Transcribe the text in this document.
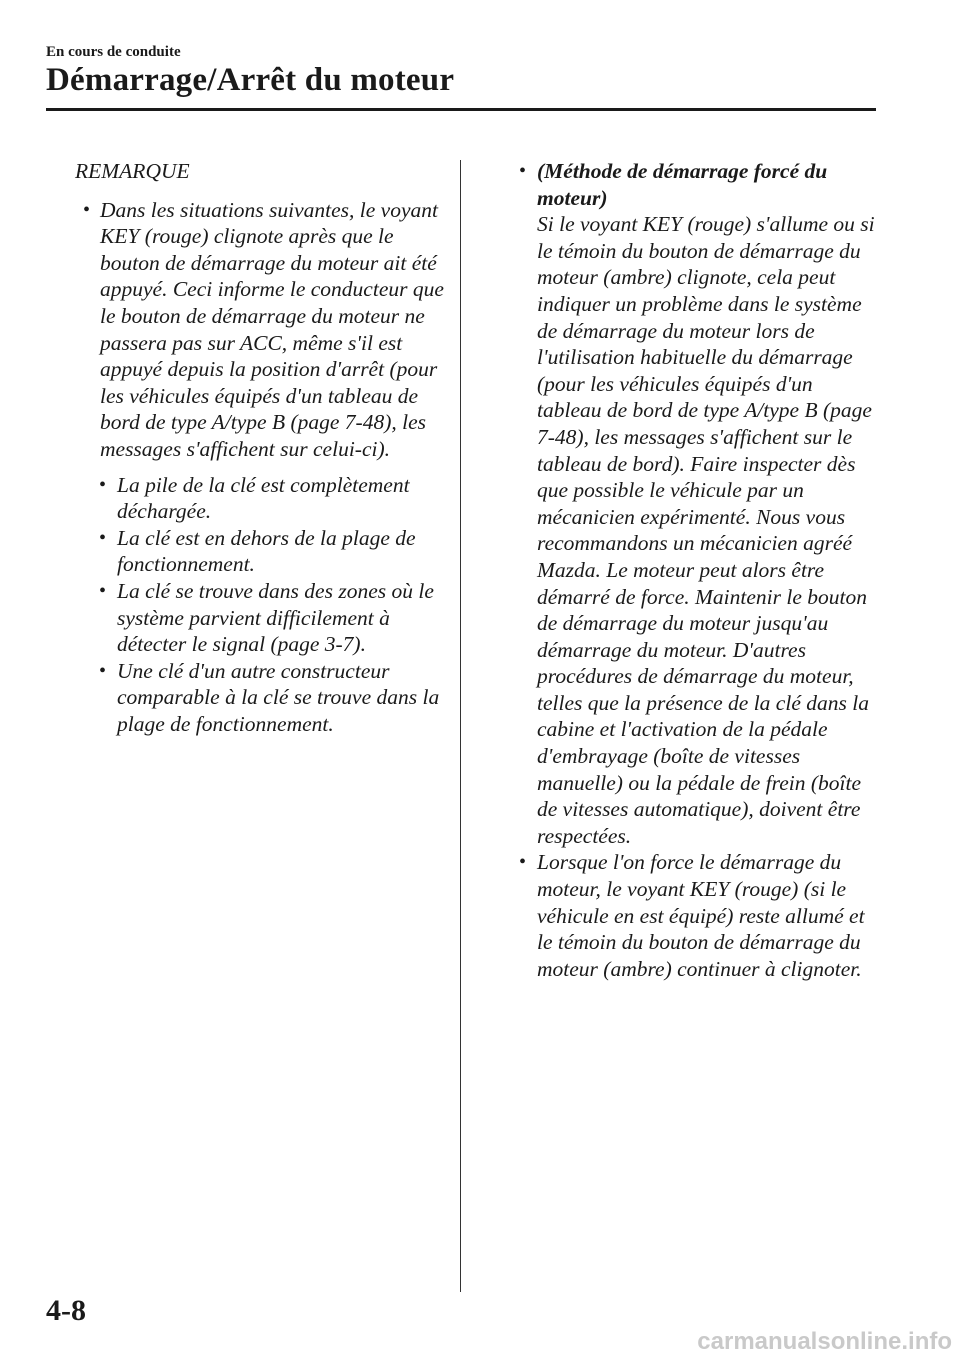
En cours de conduite
Démarrage/Arrêt du moteur
REMARQUE
• Dans les situations suivantes, le voyant KEY (rouge) clignote après que le bouton de démarrage du moteur ait été appuyé. Ceci informe le conducteur que le bouton de démarrage du moteur ne passera pas sur ACC, même s'il est appuyé depuis la position d'arrêt (pour les véhicules équipés d'un tableau de bord de type A/type B (page 7-48), les messages s'affichent sur celui-ci).
• La pile de la clé est complètement déchargée.
• La clé est en dehors de la plage de fonctionnement.
• La clé se trouve dans des zones où le système parvient difficilement à détecter le signal (page 3-7).
• Une clé d'un autre constructeur comparable à la clé se trouve dans la plage de fonctionnement.
• (Méthode de démarrage forcé du moteur)
Si le voyant KEY (rouge) s'allume ou si le témoin du bouton de démarrage du moteur (ambre) clignote, cela peut indiquer un problème dans le système de démarrage du moteur lors de l'utilisation habituelle du démarrage (pour les véhicules équipés d'un tableau de bord de type A/type B (page 7-48), les messages s'affichent sur le tableau de bord). Faire inspecter dès que possible le véhicule par un mécanicien expérimenté. Nous vous recommandons un mécanicien agréé Mazda. Le moteur peut alors être démarré de force. Maintenir le bouton de démarrage du moteur jusqu'au démarrage du moteur. D'autres procédures de démarrage du moteur, telles que la présence de la clé dans la cabine et l'activation de la pédale d'embrayage (boîte de vitesses manuelle) ou la pédale de frein (boîte de vitesses automatique), doivent être respectées.
• Lorsque l'on force le démarrage du moteur, le voyant KEY (rouge) (si le véhicule en est équipé) reste allumé et le témoin du bouton de démarrage du moteur (ambre) continuer à clignoter.
4-8
carmanualsonline.info
